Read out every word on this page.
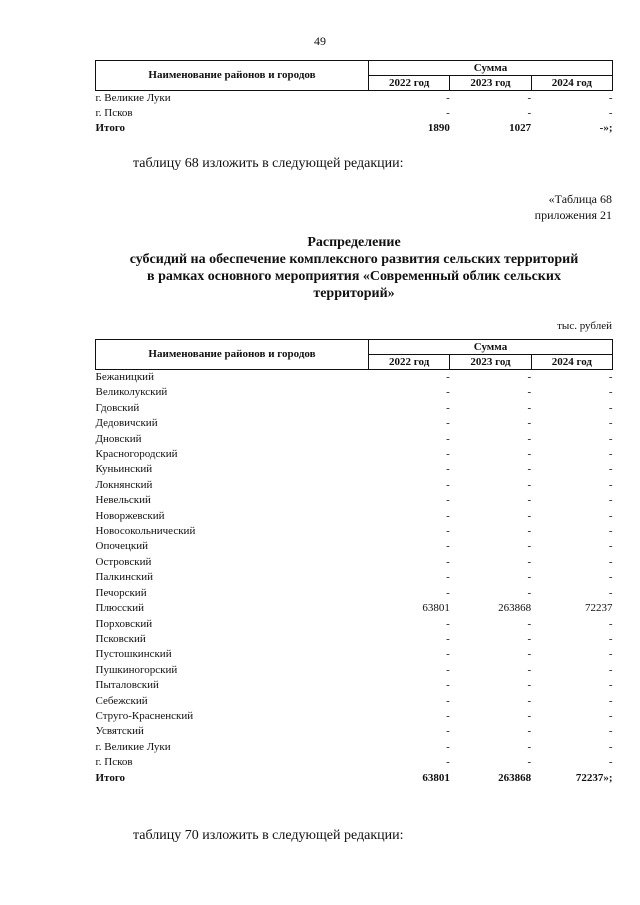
49
Наименование районов и городов	Сумма		
	2022 год	2023 год	2024 год
г. Великие Луки	-	-	-
г. Псков	-	-	-
Итого	1890	1027	-»;
таблицу 68 изложить в следующей редакции:
«Таблица 68
приложения 21
Распределение
субсидий на обеспечение комплексного развития сельских территорий
в рамках основного мероприятия «Современный облик сельских
территорий»
тыс. рублей
Наименование районов и городов	Сумма		
	2022 год	2023 год	2024 год
Бежаницкий	-	-	-
Великолукский	-	-	-
Гдовский	-	-	-
Дедовичский	-	-	-
Дновский	-	-	-
Красногородский	-	-	-
Куньинский	-	-	-
Локнянский	-	-	-
Невельский	-	-	-
Новоржевский	-	-	-
Новосокольнический	-	-	-
Опочецкий	-	-	-
Островский	-	-	-
Палкинский	-	-	-
Печорский	-	-	-
Плюсский	63801	263868	72237
Порховский	-	-	-
Псковский	-	-	-
Пустошкинский	-	-	-
Пушкиногорский	-	-	-
Пыталовский	-	-	-
Себежский	-	-	-
Струго-Красненский	-	-	-
Усвятский	-	-	-
г. Великие Луки	-	-	-
г. Псков	-	-	-
Итого	63801	263868	72237»;
таблицу 70 изложить в следующей редакции:
